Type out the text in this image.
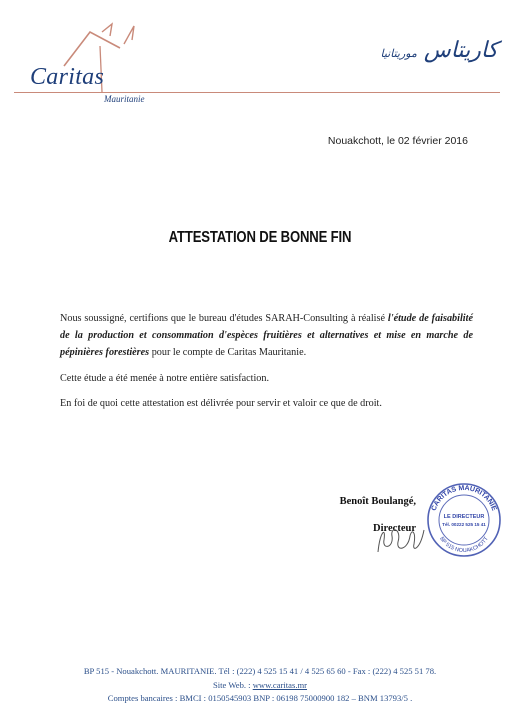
Caritas
Mauritanie
كاريتاس موريتانيا
Nouakchott, le 02 février 2016
ATTESTATION DE BONNE FIN

Nous soussigné, certifions que le bureau d'études SARAH-Consulting à réalisé l'étude de faisabilité de la production et consommation d'espèces fruitières et alternatives et mise en marche de pépinières forestières pour le compte de Caritas Mauritanie.

Cette étude a été menée à notre entière satisfaction.

En foi de quoi cette attestation est délivrée pour servir et valoir ce que de droit.

Benoît Boulangé,
Directeur
CARITAS MAURITANIE
BP 515 NOUAKCHOTT
LE DIRECTEUR
Tél. 00222 525 15 41
BP 515 - Nouakchott. MAURITANIE. Tél : (222) 4 525 15 41 / 4 525 65 60 - Fax : (222) 4 525 51 78.
Site Web. : www.caritas.mr
Comptes bancaires : BMCI : 0150545903 BNP : 06198 75000900 182 – BNM 13793/5 .
